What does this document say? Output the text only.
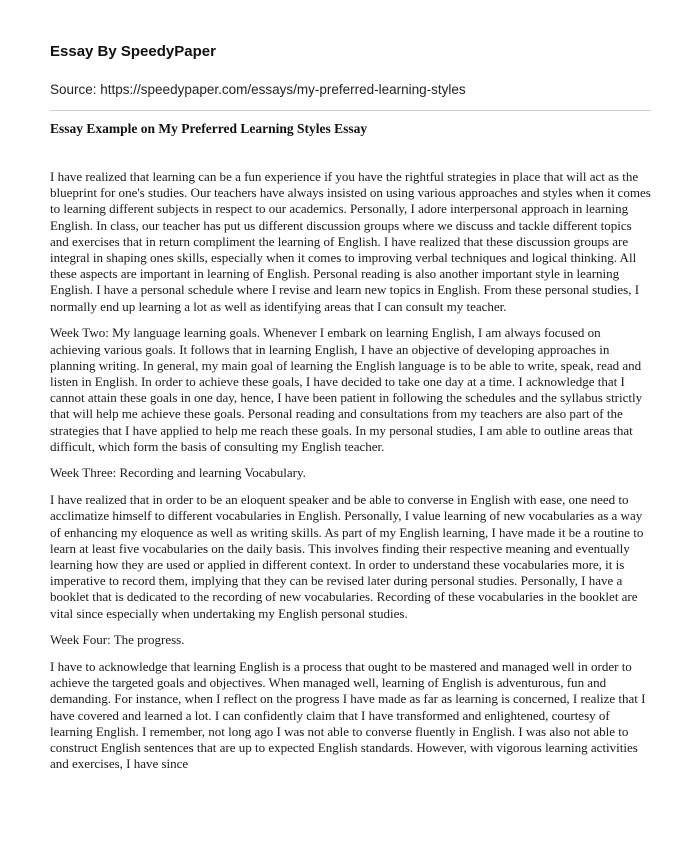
Essay By SpeedyPaper

Source: https://speedypaper.com/essays/my-preferred-learning-styles

Essay Example on My Preferred Learning Styles Essay

I have realized that learning can be a fun experience if you have the rightful strategies in place that will act as the blueprint for one's studies. Our teachers have always insisted on using various approaches and styles when it comes to learning different subjects in respect to our academics. Personally, I adore interpersonal approach in learning English. In class, our teacher has put us different discussion groups where we discuss and tackle different topics and exercises that in return compliment the learning of English. I have realized that these discussion groups are integral in shaping ones skills, especially when it comes to improving verbal techniques and logical thinking. All these aspects are important in learning of English. Personal reading is also another important style in learning English. I have a personal schedule where I revise and learn new topics in English. From these personal studies, I normally end up learning a lot as well as identifying areas that I can consult my teacher.

Week Two: My language learning goals. Whenever I embark on learning English, I am always focused on achieving various goals. It follows that in learning English, I have an objective of developing approaches in planning writing. In general, my main goal of learning the English language is to be able to write, speak, read and listen in English. In order to achieve these goals, I have decided to take one day at a time. I acknowledge that I cannot attain these goals in one day, hence, I have been patient in following the schedules and the syllabus strictly that will help me achieve these goals. Personal reading and consultations from my teachers are also part of the strategies that I have applied to help me reach these goals. In my personal studies, I am able to outline areas that difficult, which form the basis of consulting my English teacher.

Week Three: Recording and learning Vocabulary.

I have realized that in order to be an eloquent speaker and be able to converse in English with ease, one need to acclimatize himself to different vocabularies in English. Personally, I value learning of new vocabularies as a way of enhancing my eloquence as well as writing skills. As part of my English learning, I have made it be a routine to learn at least five vocabularies on the daily basis. This involves finding their respective meaning and eventually learning how they are used or applied in different context. In order to understand these vocabularies more, it is imperative to record them, implying that they can be revised later during personal studies. Personally, I have a booklet that is dedicated to the recording of new vocabularies. Recording of these vocabularies in the booklet are vital since especially when undertaking my English personal studies.

Week Four: The progress.

I have to acknowledge that learning English is a process that ought to be mastered and managed well in order to achieve the targeted goals and objectives. When managed well, learning of English is adventurous, fun and demanding. For instance, when I reflect on the progress I have made as far as learning is concerned, I realize that I have covered and learned a lot. I can confidently claim that I have transformed and enlightened, courtesy of learning English. I remember, not long ago I was not able to converse fluently in English. I was also not able to construct English sentences that are up to expected English standards. However, with vigorous learning activities and exercises, I have since
